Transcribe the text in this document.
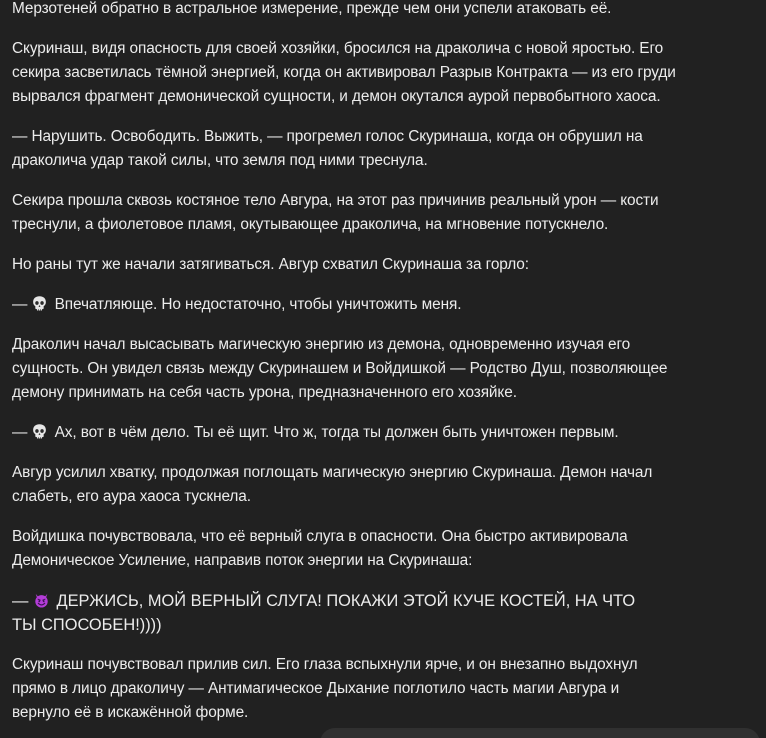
Мерзотеней обратно в астральное измерение, прежде чем они успели атаковать её.

Скуринаш, видя опасность для своей хозяйки, бросился на драколича с новой яростью. Его
секира засветилась тёмной энергией, когда он активировал Разрыв Контракта — из его груди
вырвался фрагмент демонической сущности, и демон окутался аурой первобытного хаоса.

— Нарушить. Освободить. Выжить, — прогремел голос Скуринаша, когда он обрушил на
драколича удар такой силы, что земля под ними треснула.

Секира прошла сквозь костяное тело Авгура, на этот раз причинив реальный урон — кости
треснули, а фиолетовое пламя, окутывающее драколича, на мгновение потускнело.

Но раны тут же начали затягиваться. Авгур схватил Скуринаша за горло:

—  Впечатляюще. Но недостаточно, чтобы уничтожить меня.

Драколич начал высасывать магическую энергию из демона, одновременно изучая его
сущность. Он увидел связь между Скуринашем и Войдишкой — Родство Душ, позволяющее
демону принимать на себя часть урона, предназначенного его хозяйке.

—  Ах, вот в чём дело. Ты её щит. Что ж, тогда ты должен быть уничтожен первым.

Авгур усилил хватку, продолжая поглощать магическую энергию Скуринаша. Демон начал
слабеть, его аура хаоса тускнела.

Войдишка почувствовала, что её верный слуга в опасности. Она быстро активировала
Демоническое Усиление, направив поток энергии на Скуринаша:

—  ДЕРЖИСЬ, МОЙ ВЕРНЫЙ СЛУГА! ПОКАЖИ ЭТОЙ КУЧЕ КОСТЕЙ, НА ЧТО
ТЫ СПОСОБЕН!))))

Скуринаш почувствовал прилив сил. Его глаза вспыхнули ярче, и он внезапно выдохнул
прямо в лицо драколичу — Антимагическое Дыхание поглотило часть магии Авгура и
вернуло её в искажённой форме.
